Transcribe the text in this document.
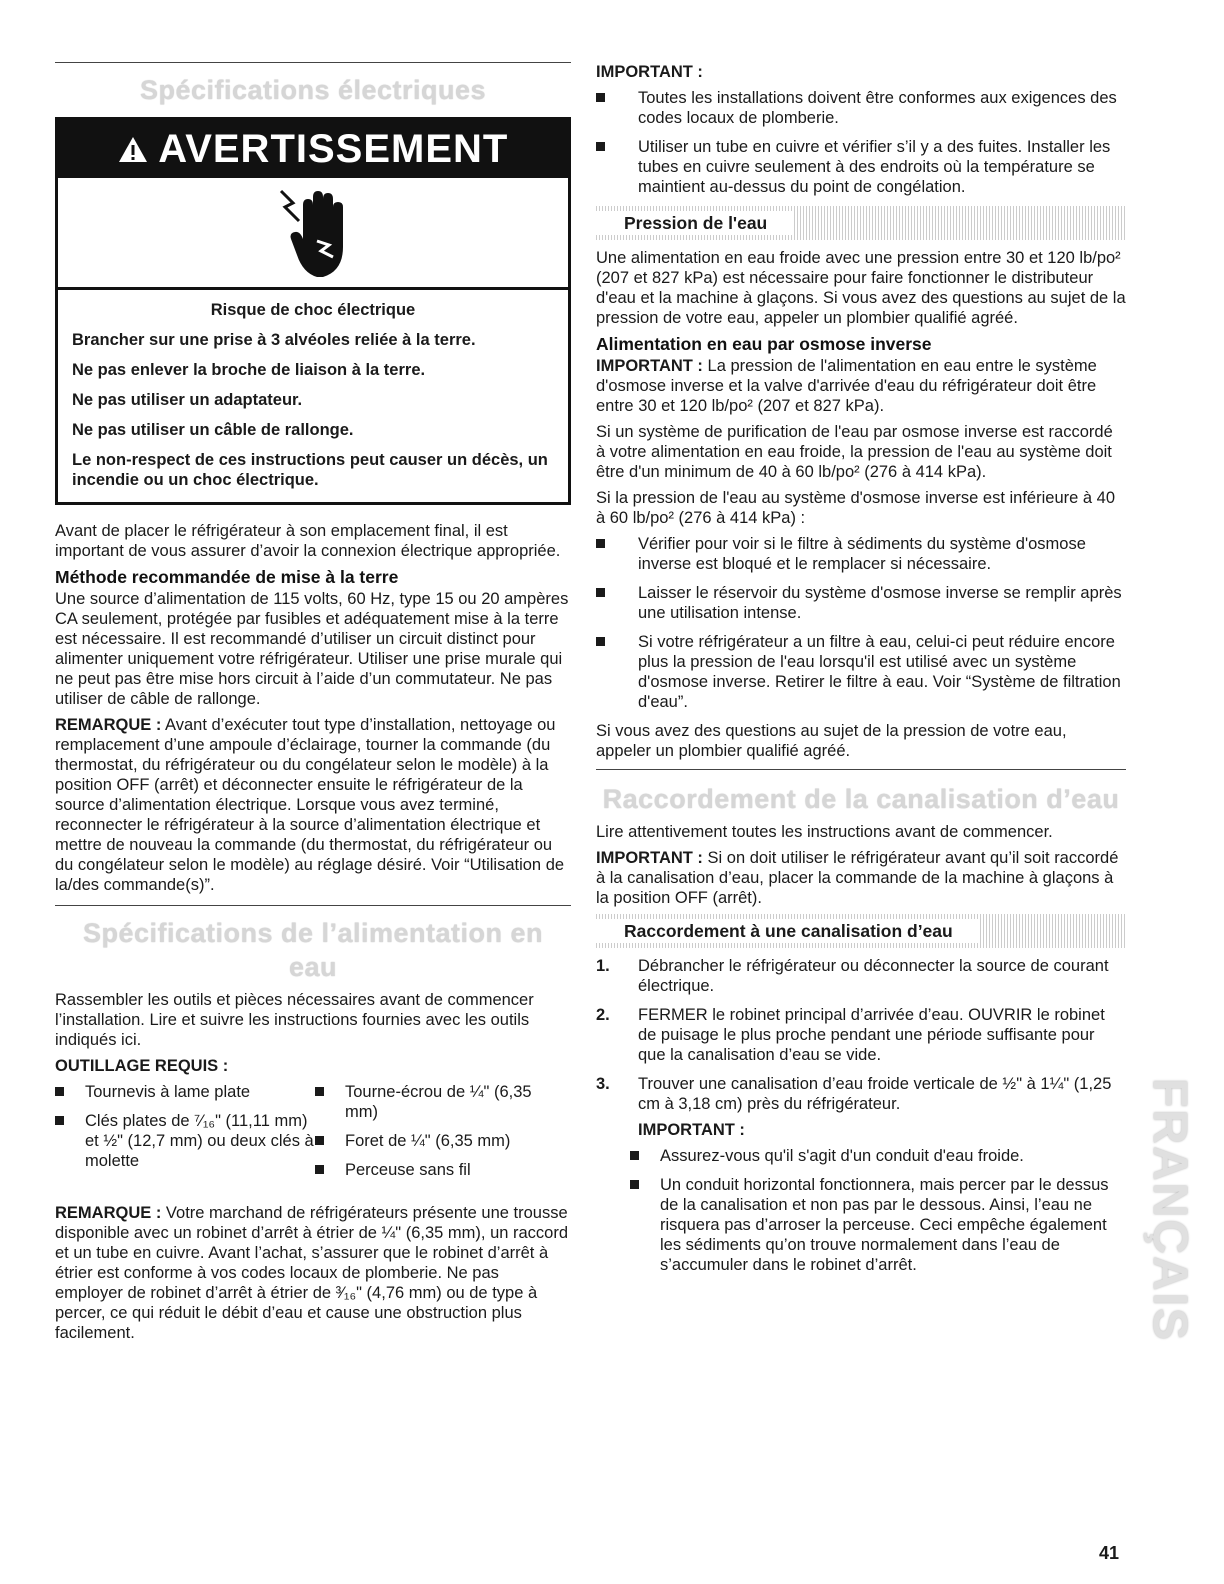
Spécifications électriques
AVERTISSEMENT

Risque de choc électrique

Brancher sur une prise à 3 alvéoles reliée à la terre.

Ne pas enlever la broche de liaison à la terre.

Ne pas utiliser un adaptateur.

Ne pas utiliser un câble de rallonge.

Le non-respect de ces instructions peut causer un décès, un incendie ou un choc électrique.

Avant de placer le réfrigérateur à son emplacement final, il est important de vous assurer d’avoir la connexion électrique appropriée.

Méthode recommandée de mise à la terre

Une source d’alimentation de 115 volts, 60 Hz, type 15 ou 20 ampères CA seulement, protégée par fusibles et adéquatement mise à la terre est nécessaire. Il est recommandé d’utiliser un circuit distinct pour alimenter uniquement votre réfrigérateur. Utiliser une prise murale qui ne peut pas être mise hors circuit à l’aide d’un commutateur. Ne pas utiliser de câble de rallonge.

REMARQUE : Avant d’exécuter tout type d’installation, nettoyage ou remplacement d’une ampoule d’éclairage, tourner la commande (du thermostat, du réfrigérateur ou du congélateur selon le modèle) à la position OFF (arrêt) et déconnecter ensuite le réfrigérateur de la source d’alimentation électrique. Lorsque vous avez terminé, reconnecter le réfrigérateur à la source d’alimentation électrique et mettre de nouveau la commande (du thermostat, du réfrigérateur ou du congélateur selon le modèle) au réglage désiré. Voir “Utilisation de la/des commande(s)”.

Spécifications de l’alimentation en eau

Rassembler les outils et pièces nécessaires avant de commencer l’installation. Lire et suivre les instructions fournies avec les outils indiqués ici.

OUTILLAGE REQUIS :

Tournevis à lame plate
Clés plates de ⁷⁄₁₆" (11,11 mm) et ½" (12,7 mm) ou deux clés à molette
Tourne-écrou de ¼" (6,35 mm)
Foret de ¼" (6,35 mm)
Perceuse sans fil

REMARQUE : Votre marchand de réfrigérateurs présente une trousse disponible avec un robinet d’arrêt à étrier de ¼" (6,35 mm), un raccord et un tube en cuivre. Avant l’achat, s’assurer que le robinet d’arrêt à étrier est conforme à vos codes locaux de plomberie. Ne pas employer de robinet d’arrêt à étrier de ³⁄₁₆" (4,76 mm) ou de type à percer, ce qui réduit le débit d’eau et cause une obstruction plus facilement.

IMPORTANT :

Toutes les installations doivent être conformes aux exigences des codes locaux de plomberie.
Utiliser un tube en cuivre et vérifier s’il y a des fuites. Installer les tubes en cuivre seulement à des endroits où la température se maintient au-dessus du point de congélation.
Pression de l'eau

Une alimentation en eau froide avec une pression entre 30 et 120 lb/po² (207 et 827 kPa) est nécessaire pour faire fonctionner le distributeur d'eau et la machine à glaçons. Si vous avez des questions au sujet de la pression de votre eau, appeler un plombier qualifié agréé.

Alimentation en eau par osmose inverse

IMPORTANT : La pression de l'alimentation en eau entre le système d'osmose inverse et la valve d'arrivée d'eau du réfrigérateur doit être entre 30 et 120 lb/po² (207 et 827 kPa).

Si un système de purification de l'eau par osmose inverse est raccordé à votre alimentation en eau froide, la pression de l'eau au système doit être d'un minimum de 40 à 60 lb/po² (276 à 414 kPa).

Si la pression de l'eau au système d'osmose inverse est inférieure à 40 à 60 lb/po² (276 à 414 kPa) :

Vérifier pour voir si le filtre à sédiments du système d'osmose inverse est bloqué et le remplacer si nécessaire.
Laisser le réservoir du système d'osmose inverse se remplir après une utilisation intense.
Si votre réfrigérateur a un filtre à eau, celui-ci peut réduire encore plus la pression de l'eau lorsqu'il est utilisé avec un système d'osmose inverse. Retirer le filtre à eau. Voir “Système de filtration d'eau”.

Si vous avez des questions au sujet de la pression de votre eau, appeler un plombier qualifié agréé.

Raccordement de la canalisation d’eau

Lire attentivement toutes les instructions avant de commencer.

IMPORTANT : Si on doit utiliser le réfrigérateur avant qu’il soit raccordé à la canalisation d’eau, placer la commande de la machine à glaçons à la position OFF (arrêt).

Raccordement à une canalisation d’eau
1. Débrancher le réfrigérateur ou déconnecter la source de courant électrique.
2. FERMER le robinet principal d’arrivée d’eau. OUVRIR le robinet de puisage le plus proche pendant une période suffisante pour que la canalisation d’eau se vide.
3. Trouver une canalisation d’eau froide verticale de ½" à 1¼" (1,25 cm à 3,18 cm) près du réfrigérateur.

IMPORTANT :

Assurez-vous qu'il s'agit d'un conduit d'eau froide.
Un conduit horizontal fonctionnera, mais percer par le dessus de la canalisation et non pas par le dessous. Ainsi, l’eau ne risquera pas d’arroser la perceuse. Ceci empêche également les sédiments qu’on trouve normalement dans l’eau de s’accumuler dans le robinet d’arrêt.	FRANÇAIS
41
